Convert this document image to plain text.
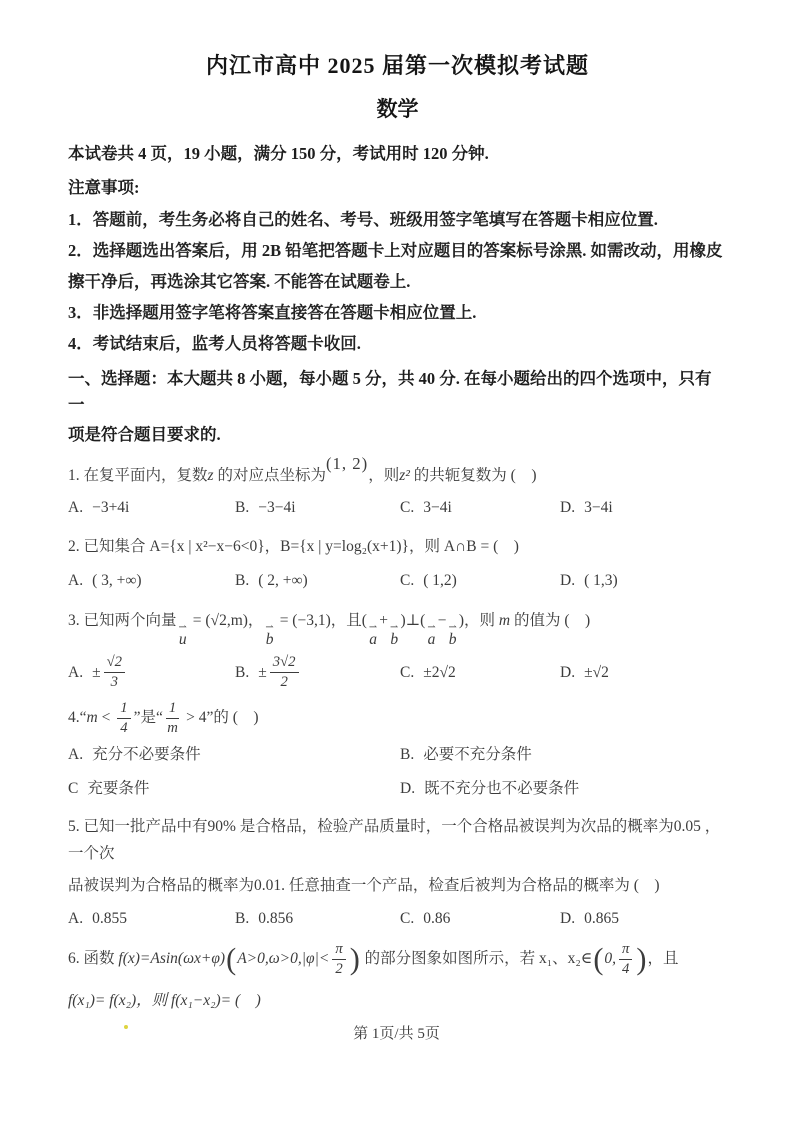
内江市高中 2025 届第一次模拟考试题
数学
本试卷共 4 页，19 小题，满分 150 分，考试用时 120 分钟.
注意事项:
1．答题前，考生务必将自己的姓名、考号、班级用签字笔填写在答题卡相应位置.
2．选择题选出答案后，用 2B 铅笔把答题卡上对应题目的答案标号涂黑. 如需改动，用橡皮
擦干净后，再选涂其它答案. 不能答在试题卷上.
3．非选择题用签字笔将答案直接答在答题卡相应位置上.
4．考试结束后，监考人员将答题卡收回.
一、选择题：本大题共 8 小题，每小题 5 分，共 40 分. 在每小题给出的四个选项中，只有一
项是符合题目要求的.
1. 在复平面内，复数z 的对应点坐标为(1, 2)，则z² 的共轭复数为 (    )
A. −3+4i	B. −3−4i	C. 3−4i	D. 3−4i
2. 已知集合 A={x | x²−x−6<0}，B={x | y=log₂(x+1)}，则 A∩B = (    )
A. ( 3, +∞)	B. ( 2, +∞)	C. ( 1,2)	D. ( 1,3)
3. 已知两个向量 ⇀
u
= (√2,m)， ⇀
b
= (−3,1)，且( ⇀
a
+ ⇀
b
)⊥( ⇀
a
− ⇀
b
)，则 m 的值为 (    )
A. ± $\frac{√2}{3}$	B. ± $\frac{3√2}{2}$	C. ±2√2	D. ±√2
4.“m < $\frac{1}{4}$ ”是“ $\frac{1}{m} > 4$”的 (    )
A. 充分不必要条件	B. 必要不充分条件
C 充要条件	D. 既不充分也不必要条件
5. 已知一批产品中有90% 是合格品，检验产品质量时，一个合格品被误判为次品的概率为0.05 ，一个次
品被误判为合格品的概率为0.01. 任意抽查一个产品，检查后被判为合格品的概率为 (    )
A. 0.855	B. 0.856	C. 0.86	D. 0.865
6. 函数 $f(x)=Asin(\omega x+\varphi)(A>0,\omega>0,|\varphi|< \frac{\pi}{2}$ ) 的部分图象如图所示，若 x₁、x₂∈(0, $\frac{\pi}{4}$ )，且
f(x₁)= f(x₂)，则 f(x₁−x₂)= (    )
第 1页/共 5页
